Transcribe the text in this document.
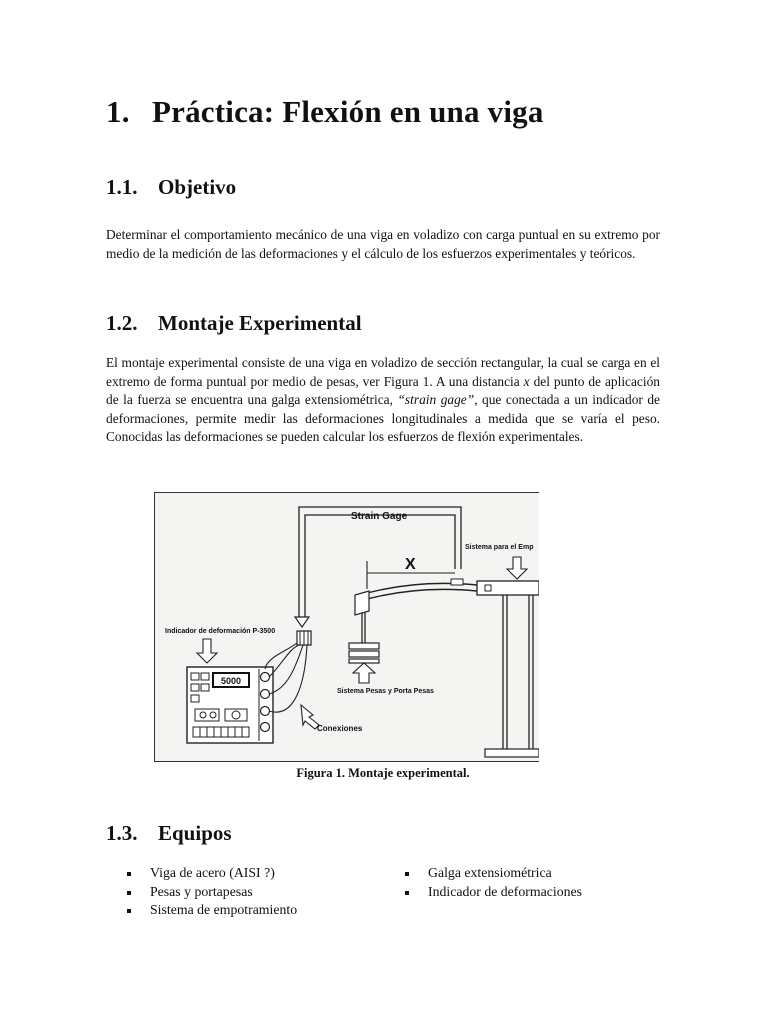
1. Práctica: Flexión en una viga
1.1. Objetivo

Determinar el comportamiento mecánico de una viga en voladizo con carga puntual en su extremo por medio de la medición de las deformaciones y el cálculo de los esfuerzos experimentales y teóricos.

1.2. Montaje Experimental

El montaje experimental consiste de una viga en voladizo de sección rectangular, la cual se carga en el extremo de forma puntual por medio de pesas, ver Figura 1. A una distancia x del punto de aplicación de la fuerza se encuentra una galga extensiométrica, “strain gage”, que conectada a un indicador de deformaciones, permite medir las deformaciones longitudinales a medida que se varía el peso. Conocidas las deformaciones se pueden calcular los esfuerzos de flexión experimentales.

Strain Gage
X
Sistema para el Emp
Sistema Pesas y Porta Pesas
Indicador de deformación P-3500
5000
Conexiones
Figura 1. Montaje experimental.
1.3. Equipos
Viga de acero (AISI ?)
Pesas y portapesas
Sistema de empotramiento
Galga extensiométrica
Indicador de deformaciones
